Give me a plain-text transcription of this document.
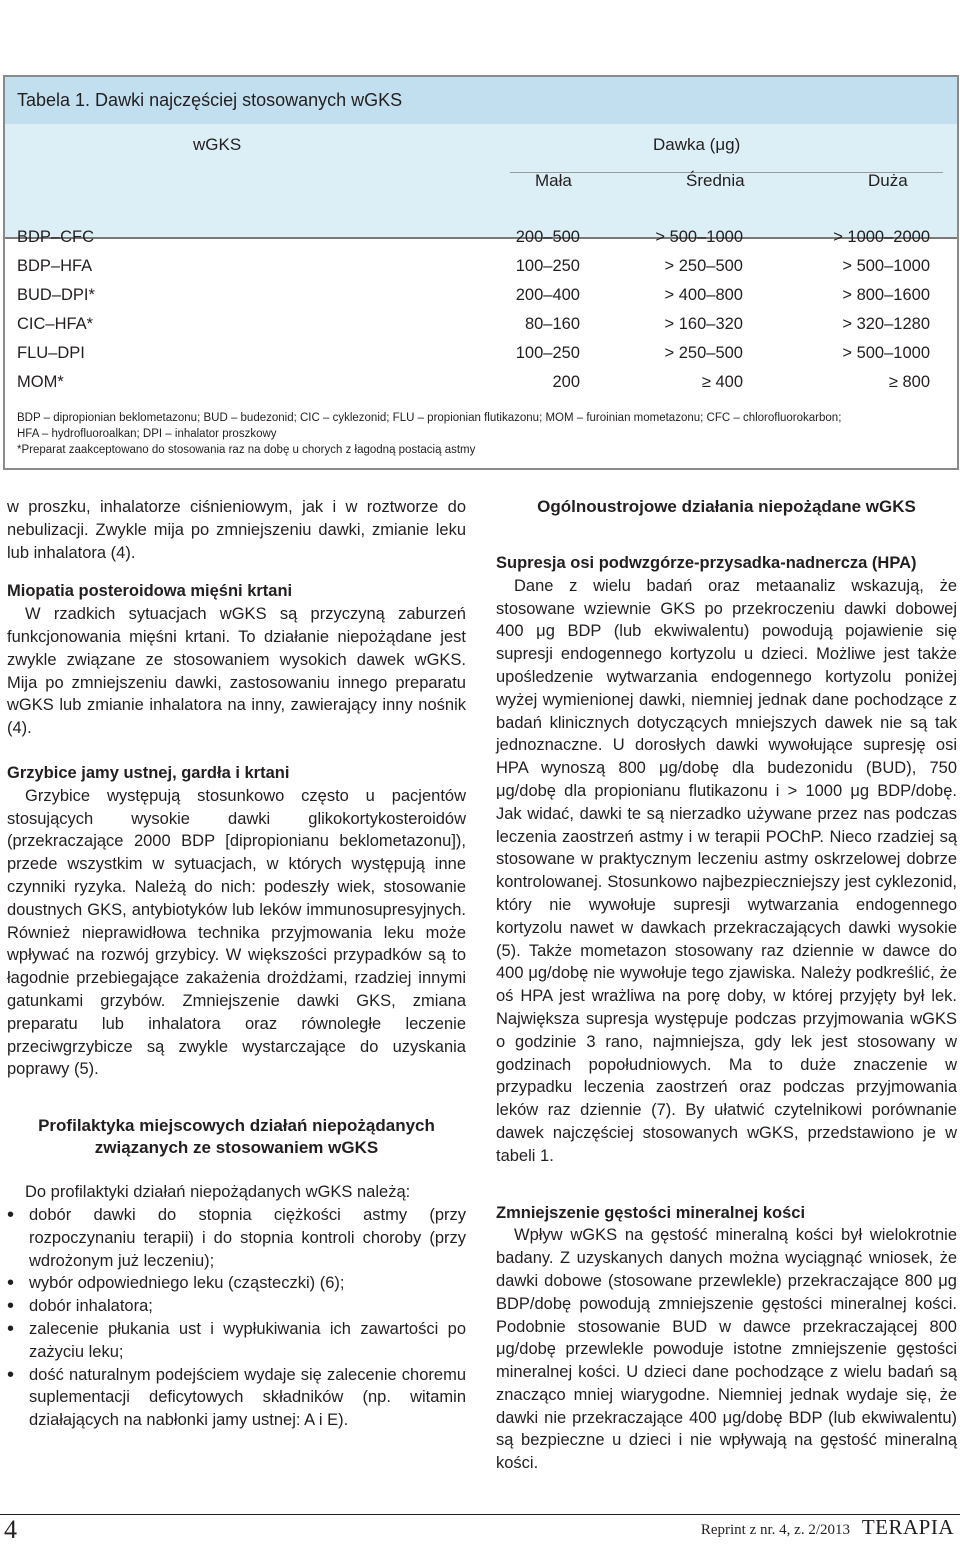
Tabela 1. Dawki najczęściej stosowanych wGKS
wGKS	Dawka (μg)
Mała	Średnia	Duża
BDP–CFC	200–500	> 500–1000	> 1000–2000
BDP–HFA	100–250	> 250–500	> 500–1000
BUD–DPI*	200–400	> 400–800	> 800–1600
CIC–HFA*	80–160	> 160–320	> 320–1280
FLU–DPI	100–250	> 250–500	> 500–1000
MOM*	200	≥ 400	≥ 800
BDP – dipropionian beklometazonu; BUD – budezonid; CIC – cyklezonid; FLU – propionian flutikazonu; MOM – furoinian mometazonu; CFC – chlorofluorokarbon;
HFA – hydrofluoroalkan; DPI – inhalator proszkowy
*Preparat zaakceptowano do stosowania raz na dobę u chorych z łagodną postacią astmy

w proszku, inhalatorze ciśnieniowym, jak i w roztworze do nebulizacji. Zwykle mija po zmniejszeniu dawki, zmianie leku lub inhalatora (4).

Miopatia posteroidowa mięśni krtani

W rzadkich sytuacjach wGKS są przyczyną zaburzeń funkcjonowania mięśni krtani. To działanie niepożądane jest zwykle związane ze stosowaniem wysokich dawek wGKS. Mija po zmniejszeniu dawki, zastosowaniu innego preparatu wGKS lub zmianie inhalatora na inny, zawierający inny nośnik (4).

Grzybice jamy ustnej, gardła i krtani

Grzybice występują stosunkowo często u pacjentów stosujących wysokie dawki glikokortykosteroidów (przekraczające 2000 BDP [dipropionianu beklometazonu]), przede wszystkim w sytuacjach, w których występują inne czynniki ryzyka. Należą do nich: podeszły wiek, stosowanie doustnych GKS, antybiotyków lub leków immunosupresyjnych. Również nieprawidłowa technika przyjmowania leku może wpływać na rozwój grzybicy. W większości przypadków są to łagodnie przebiegające zakażenia drożdżami, rzadziej innymi gatunkami grzybów. Zmniejszenie dawki GKS, zmiana preparatu lub inhalatora oraz równoległe leczenie przeciwgrzybicze są zwykle wystarczające do uzyskania poprawy (5).

Profilaktyka miejscowych działań niepożądanych
związanych ze stosowaniem wGKS

Do profilaktyki działań niepożądanych wGKS należą:

• dobór dawki do stopnia ciężkości astmy (przy rozpoczynaniu terapii) i do stopnia kontroli choroby (przy wdrożonym już leczeniu);
• wybór odpowiedniego leku (cząsteczki) (6);
• dobór inhalatora;
• zalecenie płukania ust i wypłukiwania ich zawartości po zażyciu leku;
• dość naturalnym podejściem wydaje się zalecenie choremu suplementacji deficytowych składników (np. witamin działających na nabłonki jamy ustnej: A i E).

Ogólnoustrojowe działania niepożądane wGKS

Supresja osi podwzgórze-przysadka-nadnercza (HPA)

Dane z wielu badań oraz metaanaliz wskazują, że stosowane wziewnie GKS po przekroczeniu dawki dobowej 400 μg BDP (lub ekwiwalentu) powodują pojawienie się supresji endogennego kortyzolu u dzieci. Możliwe jest także upośledzenie wytwarzania endogennego kortyzolu poniżej wyżej wymienionej dawki, niemniej jednak dane pochodzące z badań klinicznych dotyczących mniejszych dawek nie są tak jednoznaczne. U dorosłych dawki wywołujące supresję osi HPA wynoszą 800 μg/dobę dla budezonidu (BUD), 750 μg/dobę dla propionianu flutikazonu i > 1000 μg BDP/dobę. Jak widać, dawki te są nierzadko używane przez nas podczas leczenia zaostrzeń astmy i w terapii POChP. Nieco rzadziej są stosowane w praktycznym leczeniu astmy oskrzelowej dobrze kontrolowanej. Stosunkowo najbezpieczniejszy jest cyklezonid, który nie wywołuje supresji wytwarzania endogennego kortyzolu nawet w dawkach przekraczających dawki wysokie (5). Także mometazon stosowany raz dziennie w dawce do 400 μg/dobę nie wywołuje tego zjawiska. Należy podkreślić, że oś HPA jest wrażliwa na porę doby, w której przyjęty był lek. Największa supresja występuje podczas przyjmowania wGKS o godzinie 3 rano, najmniejsza, gdy lek jest stosowany w godzinach popołudniowych. Ma to duże znaczenie w przypadku leczenia zaostrzeń oraz podczas przyjmowania leków raz dziennie (7). By ułatwić czytelnikowi porównanie dawek najczęściej stosowanych wGKS, przedstawiono je w tabeli 1.

Zmniejszenie gęstości mineralnej kości

Wpływ wGKS na gęstość mineralną kości był wielokrotnie badany. Z uzyskanych danych można wyciągnąć wniosek, że dawki dobowe (stosowane przewlekle) przekraczające 800 μg BDP/dobę powodują zmniejszenie gęstości mineralnej kości. Podobnie stosowanie BUD w dawce przekraczającej 800 μg/dobę przewlekle powoduje istotne zmniejszenie gęstości mineralnej kości. U dzieci dane pochodzące z wielu badań są znacząco mniej wiarygodne. Niemniej jednak wydaje się, że dawki nie przekraczające 400 μg/dobę BDP (lub ekwiwalentu) są bezpieczne u dzieci i nie wpływają na gęstość mineralną kości.

4	Reprint z nr. 4, z. 2/2013 TERAPIA
